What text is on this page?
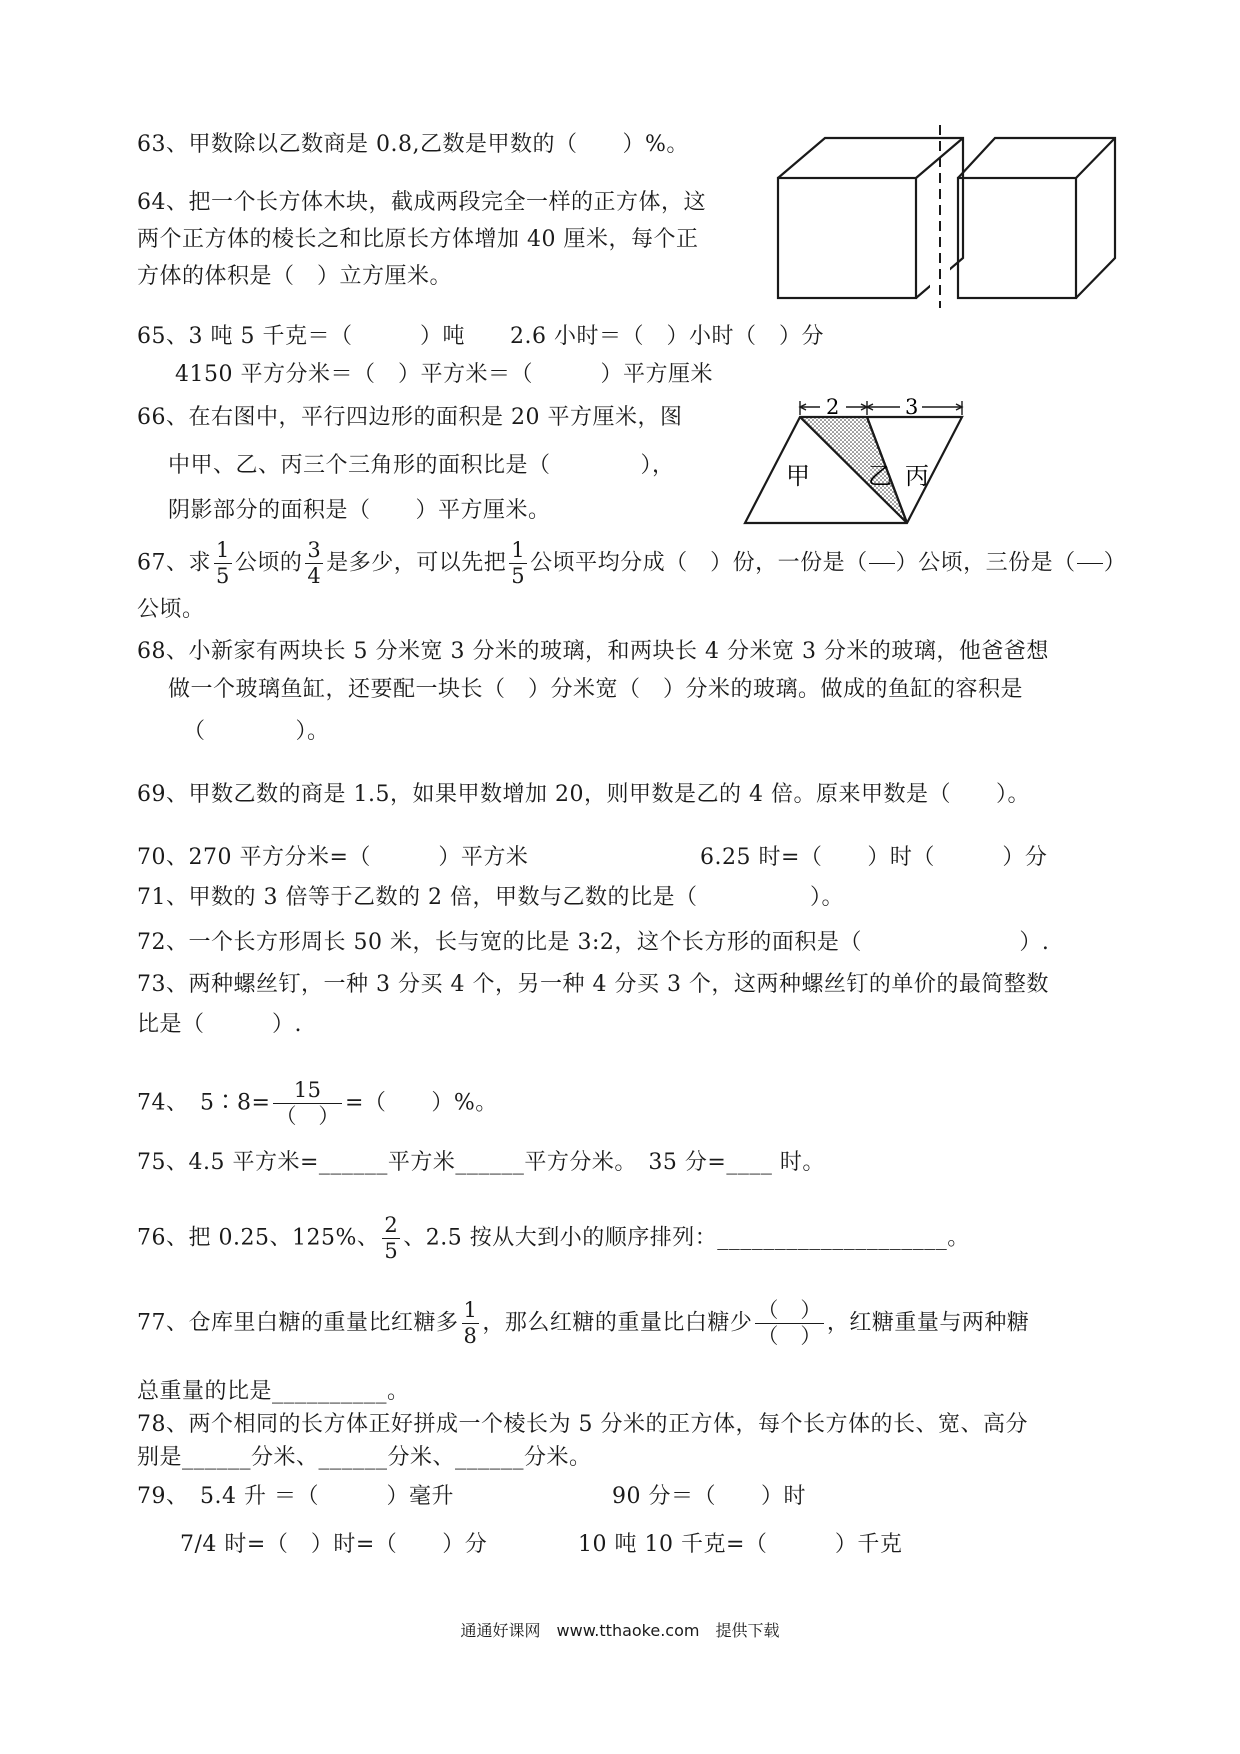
63、甲数除以乙数商是 0.8,乙数是甲数的（　　）%。
64、把一个长方体木块，截成两段完全一样的正方体，这
两个正方体的棱长之和比原长方体增加 40 厘米，每个正
方体的体积是（　）立方厘米。
65、3 吨 5 千克＝（　　　）吨　　2.6 小时＝（　）小时（　）分
4150 平方分米＝（　）平方米＝（　　　）平方厘米
66、在右图中，平行四边形的面积是 20 平方厘米，图
中甲、乙、丙三个三角形的面积比是（　　　　），
阴影部分的面积是（　　）平方厘米。
2	3
甲 乙 丙
67、求 $\frac{1}{5}$ 公顷的 $\frac{3}{4}$ 是多少，可以先把 $\frac{1}{5}$ 公顷平均分成（　）份，一份是（ ）公顷，三份是（ ）
公顷。
68、小新家有两块长 5 分米宽 3 分米的玻璃，和两块长 4 分米宽 3 分米的玻璃，他爸爸想
做一个玻璃鱼缸，还要配一块长（　）分米宽（　）分米的玻璃。做成的鱼缸的容积是
（　　　　）。
69、甲数乙数的商是 1.5，如果甲数增加 20，则甲数是乙的 4 倍。原来甲数是（　　）。
70、270 平方分米=（　　　）平方米	6.25 时=（　　）时（　　　）分
71、甲数的 3 倍等于乙数的 2 倍，甲数与乙数的比是（　　　　　）。
72、一个长方形周长 50 米，长与宽的比是 3:2，这个长方形的面积是（　　　　　　　）.
73、两种螺丝钉，一种 3 分买 4 个，另一种 4 分买 3 个，这两种螺丝钉的单价的最简整数
比是（　　　）.
74、　5∶8= $\frac{15}{( )}$ =（　　）%。
75、4.5 平方米=______平方米______平方分米。　35 分=____ 时。
76、把 0.25、125%、 $\frac{2}{5}$ 、2.5 按从大到小的顺序排列：____________________。
77、仓库里白糖的重量比红糖多 $\frac{1}{8}$ ，那么红糖的重量比白糖少 $\frac{( )}{( )}$ ，红糖重量与两种糖
总重量的比是__________。
78、两个相同的长方体正好拼成一个棱长为 5 分米的正方体，每个长方体的长、宽、高分
别是______分米、______分米、______分米。
79、　5.4 升 ＝（　　　）毫升	90 分＝（　　）时
7/4 时=（　）时=（　　）分	10 吨 10 千克=（　　　）千克
通通好课网　www.tthaoke.com　提供下载
